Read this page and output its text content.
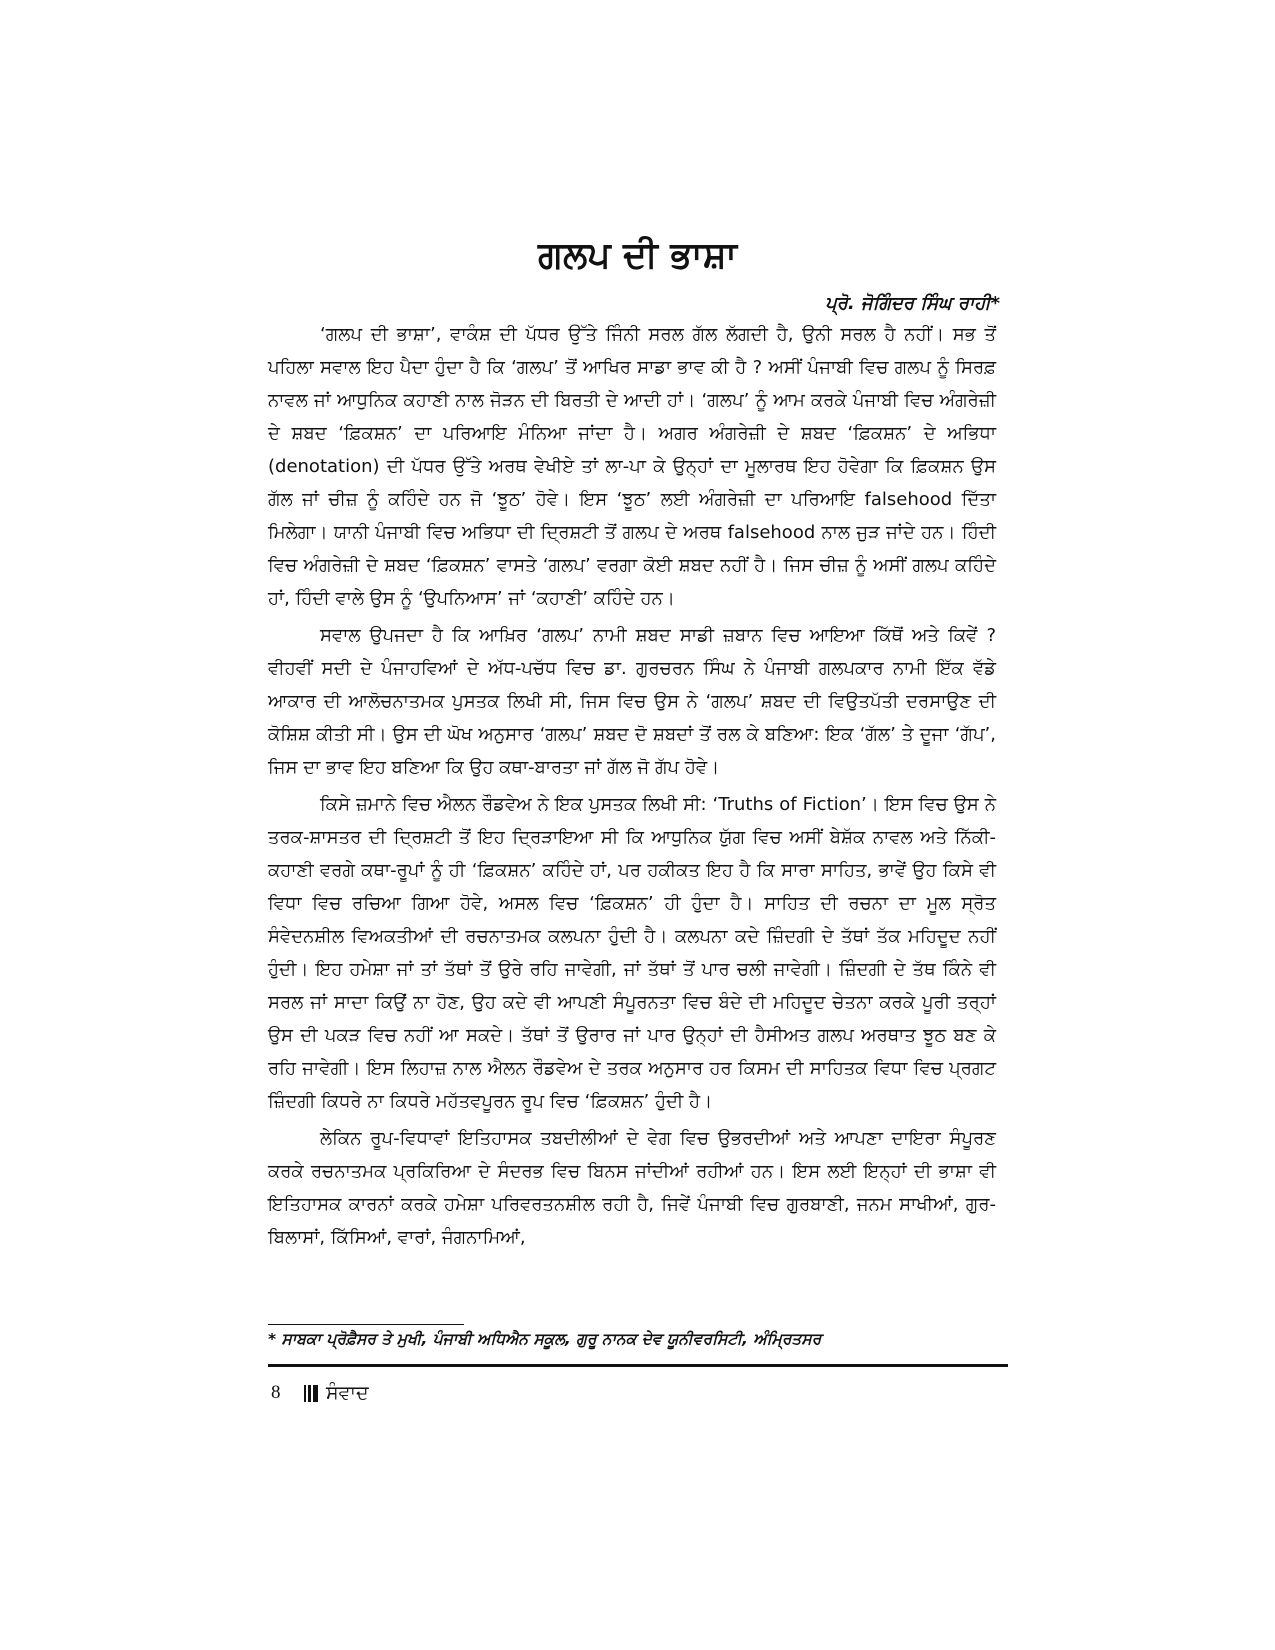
ਗਲਪ ਦੀ ਭਾਸ਼ਾ
ਪ੍ਰੋ. ਜੋਗਿੰਦਰ ਸਿੰਘ ਰਾਹੀ*

‘ਗਲਪ ਦੀ ਭਾਸ਼ਾ’, ਵਾਕੰਸ਼ ਦੀ ਪੱਧਰ ਉੱਤੇ ਜਿੰਨੀ ਸਰਲ ਗੱਲ ਲੱਗਦੀ ਹੈ, ਉਨੀ ਸਰਲ ਹੈ ਨਹੀਂ। ਸਭ ਤੋਂ ਪਹਿਲਾ ਸਵਾਲ ਇਹ ਪੈਦਾ ਹੁੰਦਾ ਹੈ ਕਿ ‘ਗਲਪ’ ਤੋਂ ਆਖਿਰ ਸਾਡਾ ਭਾਵ ਕੀ ਹੈ ? ਅਸੀਂ ਪੰਜਾਬੀ ਵਿਚ ਗਲਪ ਨੂੰ ਸਿਰਫ਼ ਨਾਵਲ ਜਾਂ ਆਧੁਨਿਕ ਕਹਾਣੀ ਨਾਲ ਜੋੜਨ ਦੀ ਬਿਰਤੀ ਦੇ ਆਦੀ ਹਾਂ। ‘ਗਲਪ’ ਨੂੰ ਆਮ ਕਰਕੇ ਪੰਜਾਬੀ ਵਿਚ ਅੰਗਰੇਜ਼ੀ ਦੇ ਸ਼ਬਦ ‘ਫ਼ਿਕਸ਼ਨ’ ਦਾ ਪਰਿਆਇ ਮੰਨਿਆ ਜਾਂਦਾ ਹੈ। ਅਗਰ ਅੰਗਰੇਜ਼ੀ ਦੇ ਸ਼ਬਦ ‘ਫ਼ਿਕਸ਼ਨ’ ਦੇ ਅਭਿਧਾ (denotation) ਦੀ ਪੱਧਰ ਉੱਤੇ ਅਰਥ ਵੇਖੀਏ ਤਾਂ ਲਾ-ਪਾ ਕੇ ਉਨ੍ਹਾਂ ਦਾ ਮੂਲਾਰਥ ਇਹ ਹੋਵੇਗਾ ਕਿ ਫ਼ਿਕਸ਼ਨ ਉਸ ਗੱਲ ਜਾਂ ਚੀਜ਼ ਨੂੰ ਕਹਿੰਦੇ ਹਨ ਜੋ ‘ਝੂਠ’ ਹੋਵੇ। ਇਸ ‘ਝੂਠ’ ਲਈ ਅੰਗਰੇਜ਼ੀ ਦਾ ਪਰਿਆਇ falsehood ਦਿੱਤਾ ਮਿਲੇਗਾ। ਯਾਨੀ ਪੰਜਾਬੀ ਵਿਚ ਅਭਿਧਾ ਦੀ ਦ੍ਰਿਸ਼ਟੀ ਤੋਂ ਗਲਪ ਦੇ ਅਰਥ falsehood ਨਾਲ ਜੁੜ ਜਾਂਦੇ ਹਨ। ਹਿੰਦੀ ਵਿਚ ਅੰਗਰੇਜ਼ੀ ਦੇ ਸ਼ਬਦ ‘ਫ਼ਿਕਸ਼ਨ’ ਵਾਸਤੇ ‘ਗਲਪ’ ਵਰਗਾ ਕੋਈ ਸ਼ਬਦ ਨਹੀਂ ਹੈ। ਜਿਸ ਚੀਜ਼ ਨੂੰ ਅਸੀਂ ਗਲਪ ਕਹਿੰਦੇ ਹਾਂ, ਹਿੰਦੀ ਵਾਲੇ ਉਸ ਨੂੰ ‘ਉਪਨਿਆਸ’ ਜਾਂ ‘ਕਹਾਣੀ’ ਕਹਿੰਦੇ ਹਨ।

ਸਵਾਲ ਉਪਜਦਾ ਹੈ ਕਿ ਆਖ਼ਿਰ ‘ਗਲਪ’ ਨਾਮੀ ਸ਼ਬਦ ਸਾਡੀ ਜ਼ਬਾਨ ਵਿਚ ਆਇਆ ਕਿੱਥੋਂ ਅਤੇ ਕਿਵੇਂ ? ਵੀਹਵੀਂ ਸਦੀ ਦੇ ਪੰਜਾਹਵਿਆਂ ਦੇ ਅੱਧ-ਪਚੱਧ ਵਿਚ ਡਾ. ਗੁਰਚਰਨ ਸਿੰਘ ਨੇ ਪੰਜਾਬੀ ਗਲਪਕਾਰ ਨਾਮੀ ਇੱਕ ਵੱਡੇ ਆਕਾਰ ਦੀ ਆਲੋਚਨਾਤਮਕ ਪੁਸਤਕ ਲਿਖੀ ਸੀ, ਜਿਸ ਵਿਚ ਉਸ ਨੇ ‘ਗਲਪ’ ਸ਼ਬਦ ਦੀ ਵਿਉਤਪੱਤੀ ਦਰਸਾਉਣ ਦੀ ਕੋਸ਼ਿਸ਼ ਕੀਤੀ ਸੀ। ਉਸ ਦੀ ਘੋਖ ਅਨੁਸਾਰ ‘ਗਲਪ’ ਸ਼ਬਦ ਦੋ ਸ਼ਬਦਾਂ ਤੋਂ ਰਲ ਕੇ ਬਣਿਆ: ਇਕ ‘ਗੱਲ’ ਤੇ ਦੂਜਾ ‘ਗੱਪ’, ਜਿਸ ਦਾ ਭਾਵ ਇਹ ਬਣਿਆ ਕਿ ਉਹ ਕਥਾ-ਬਾਰਤਾ ਜਾਂ ਗੱਲ ਜੋ ਗੱਪ ਹੋਵੇ।

ਕਿਸੇ ਜ਼ਮਾਨੇ ਵਿਚ ਐਲਨ ਰੌਡਵੇਅ ਨੇ ਇਕ ਪੁਸਤਕ ਲਿਖੀ ਸੀ: ‘Truths of Fiction’। ਇਸ ਵਿਚ ਉਸ ਨੇ ਤਰਕ-ਸ਼ਾਸਤਰ ਦੀ ਦ੍ਰਿਸ਼ਟੀ ਤੋਂ ਇਹ ਦ੍ਰਿੜਾਇਆ ਸੀ ਕਿ ਆਧੁਨਿਕ ਯੁੱਗ ਵਿਚ ਅਸੀਂ ਬੇਸ਼ੱਕ ਨਾਵਲ ਅਤੇ ਨਿੱਕੀ-ਕਹਾਣੀ ਵਰਗੇ ਕਥਾ-ਰੂਪਾਂ ਨੂੰ ਹੀ ‘ਫ਼ਿਕਸ਼ਨ’ ਕਹਿੰਦੇ ਹਾਂ, ਪਰ ਹਕੀਕਤ ਇਹ ਹੈ ਕਿ ਸਾਰਾ ਸਾਹਿਤ, ਭਾਵੇਂ ਉਹ ਕਿਸੇ ਵੀ ਵਿਧਾ ਵਿਚ ਰਚਿਆ ਗਿਆ ਹੋਵੇ, ਅਸਲ ਵਿਚ ‘ਫ਼ਿਕਸ਼ਨ’ ਹੀ ਹੁੰਦਾ ਹੈ। ਸਾਹਿਤ ਦੀ ਰਚਨਾ ਦਾ ਮੂਲ ਸ੍ਰੋਤ ਸੰਵੇਦਨਸ਼ੀਲ ਵਿਅਕਤੀਆਂ ਦੀ ਰਚਨਾਤਮਕ ਕਲਪਨਾ ਹੁੰਦੀ ਹੈ। ਕਲਪਨਾ ਕਦੇ ਜ਼ਿੰਦਗੀ ਦੇ ਤੱਥਾਂ ਤੱਕ ਮਹਿਦੂਦ ਨਹੀਂ ਹੁੰਦੀ। ਇਹ ਹਮੇਸ਼ਾ ਜਾਂ ਤਾਂ ਤੱਥਾਂ ਤੋਂ ਉਰੇ ਰਹਿ ਜਾਵੇਗੀ, ਜਾਂ ਤੱਥਾਂ ਤੋਂ ਪਾਰ ਚਲੀ ਜਾਵੇਗੀ। ਜ਼ਿੰਦਗੀ ਦੇ ਤੱਥ ਕਿੰਨੇ ਵੀ ਸਰਲ ਜਾਂ ਸਾਦਾ ਕਿਉਂ ਨਾ ਹੋਣ, ਉਹ ਕਦੇ ਵੀ ਆਪਣੀ ਸੰਪੂਰਨਤਾ ਵਿਚ ਬੰਦੇ ਦੀ ਮਹਿਦੂਦ ਚੇਤਨਾ ਕਰਕੇ ਪੂਰੀ ਤਰ੍ਹਾਂ ਉਸ ਦੀ ਪਕੜ ਵਿਚ ਨਹੀਂ ਆ ਸਕਦੇ। ਤੱਥਾਂ ਤੋਂ ਉਰਾਰ ਜਾਂ ਪਾਰ ਉਨ੍ਹਾਂ ਦੀ ਹੈਸੀਅਤ ਗਲਪ ਅਰਥਾਤ ਝੂਠ ਬਣ ਕੇ ਰਹਿ ਜਾਵੇਗੀ। ਇਸ ਲਿਹਾਜ਼ ਨਾਲ ਐਲਨ ਰੌਡਵੇਅ ਦੇ ਤਰਕ ਅਨੁਸਾਰ ਹਰ ਕਿਸਮ ਦੀ ਸਾਹਿਤਕ ਵਿਧਾ ਵਿਚ ਪ੍ਰਗਟ ਜ਼ਿੰਦਗੀ ਕਿਧਰੇ ਨਾ ਕਿਧਰੇ ਮਹੱਤਵਪੂਰਨ ਰੂਪ ਵਿਚ ‘ਫ਼ਿਕਸ਼ਨ’ ਹੁੰਦੀ ਹੈ।

ਲੇਕਿਨ ਰੂਪ-ਵਿਧਾਵਾਂ ਇਤਿਹਾਸਕ ਤਬਦੀਲੀਆਂ ਦੇ ਵੇਗ ਵਿਚ ਉਭਰਦੀਆਂ ਅਤੇ ਆਪਣਾ ਦਾਇਰਾ ਸੰਪੂਰਣ ਕਰਕੇ ਰਚਨਾਤਮਕ ਪ੍ਰਕਿਰਿਆ ਦੇ ਸੰਦਰਭ ਵਿਚ ਬਿਨਸ ਜਾਂਦੀਆਂ ਰਹੀਆਂ ਹਨ। ਇਸ ਲਈ ਇਨ੍ਹਾਂ ਦੀ ਭਾਸ਼ਾ ਵੀ ਇਤਿਹਾਸਕ ਕਾਰਨਾਂ ਕਰਕੇ ਹਮੇਸ਼ਾ ਪਰਿਵਰਤਨਸ਼ੀਲ ਰਹੀ ਹੈ, ਜਿਵੇਂ ਪੰਜਾਬੀ ਵਿਚ ਗੁਰਬਾਣੀ, ਜਨਮ ਸਾਖੀਆਂ, ਗੁਰ-ਬਿਲਾਸਾਂ, ਕਿੱਸਿਆਂ, ਵਾਰਾਂ, ਜੰਗਨਾਮਿਆਂ,

* ਸਾਬਕਾ ਪ੍ਰੋਫ਼ੈਸਰ ਤੇ ਮੁਖੀ, ਪੰਜਾਬੀ ਅਧਿਐਨ ਸਕੂਲ, ਗੁਰੂ ਨਾਨਕ ਦੇਵ ਯੂਨੀਵਰਸਿਟੀ, ਅੰਮ੍ਰਿਤਸਰ
8 ਸੰਵਾਦ
